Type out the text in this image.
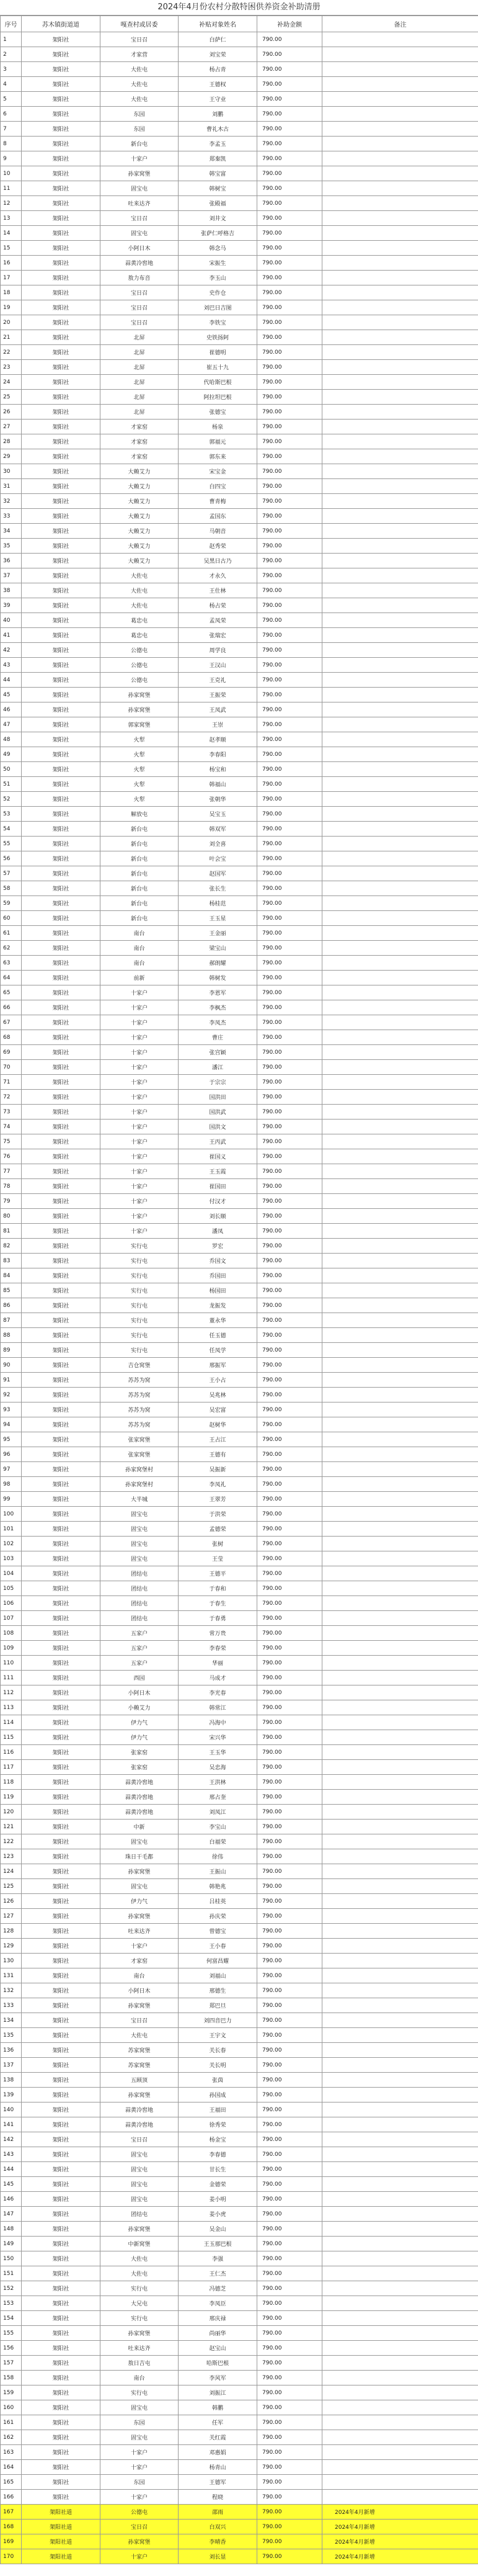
2024年4月份农村分散特困供养资金补助清册
序号	苏木镇街道道	嘎查村或居委	补贴对象姓名	补助金额	备注
1	架阳社	宝日召	白萨仁	790.00	
2	架阳社	才家营	刘宝荣	790.00	
3	架阳社	大佐屯	杨占青	790.00	
4	架阳社	大佐屯	王德权	790.00	
5	架阳社	大佐屯	王守业	790.00	
6	架阳社	东园	刘鹏	790.00	
7	架阳社	东园	曹礼木古	790.00	
8	架阳社	新台屯	李孟玉	790.00	
9	架阳社	十家户	郑秦凯	790.00	
10	架阳社	孙家窝堡	韩宝富	790.00	
11	架阳社	固宝屯	韩树宝	790.00	
12	架阳社	吐来达齐	张殿福	790.00	
13	架阳社	宝日召	刘井文	790.00	
14	架阳社	固宝屯	张萨仁呼格吉	790.00	
15	架阳社	小阿日木	韩念马	790.00	
16	架阳社	蒜黄冷窖地	宋振生	790.00	
17	架阳社	敖力布音	李玉山	790.00	
18	架阳社	宝日召	史作仓	790.00	
19	架阳社	宝日召	刘巴日吉图	790.00	
20	架阳社	宝日召	李铁宝	790.00	
21	架阳社	北屏	史铁扬阿	790.00	
22	架阳社	北屏	崔德明	790.00	
23	架阳社	北屏	崔五十九	790.00	
24	架阳社	北屏	代哈斯巴根	790.00	
25	架阳社	北屏	阿拉坦巴根	790.00	
26	架阳社	北屏	张德宝	790.00	
27	架阳社	才家窑	杨泉	790.00	
28	架阳社	才家窑	郭福元	790.00	
29	架阳社	才家窑	郭东来	790.00	
30	架阳社	大赖艾力	宋宝金	790.00	
31	架阳社	大赖艾力	白四宝	790.00	
32	架阳社	大赖艾力	曹青梅	790.00	
33	架阳社	大赖艾力	孟国东	790.00	
34	架阳社	大赖艾力	马朝音	790.00	
35	架阳社	大赖艾力	赵秀荣	790.00	
36	架阳社	大赖艾力	吴黑日古乃	790.00	
37	架阳社	大佐屯	才永久	790.00	
38	架阳社	大佐屯	王仕林	790.00	
39	架阳社	大佐屯	杨占荣	790.00	
40	架阳社	葛忠屯	孟凤荣	790.00	
41	架阳社	葛忠屯	张瑞宏	790.00	
42	架阳社	公德屯	周学良	790.00	
43	架阳社	公德屯	王汉山	790.00	
44	架阳社	公德屯	王克礼	790.00	
45	架阳社	孙家窝堡	王振荣	790.00	
46	架阳社	孙家窝堡	王凤武	790.00	
47	架阳社	郭家窝堡	王崇	790.00	
48	架阳社	火犁	赵孝顺	790.00	
49	架阳社	火犁	李春阳	790.00	
50	架阳社	火犁	杨宝和	790.00	
51	架阳社	火犁	韩福山	790.00	
52	架阳社	火犁	张朝华	790.00	
53	架阳社	解放屯	吴宝玉	790.00	
54	架阳社	新台屯	韩双军	790.00	
55	架阳社	新台屯	刘全喜	790.00	
56	架阳社	新台屯	叶会宝	790.00	
57	架阳社	新台屯	赵国军	790.00	
58	架阳社	新台屯	张长生	790.00	
59	架阳社	新台屯	杨桂范	790.00	
60	架阳社	新台屯	王玉星	790.00	
61	架阳社	南台	王金丽	790.00	
62	架阳社	南台	梁宝山	790.00	
63	架阳社	南台	郝朗耀	790.00	
64	架阳社	前新	韩树发	790.00	
65	架阳社	十家户	李恩军	790.00	
66	架阳社	十家户	李枫杰	790.00	
67	架阳社	十家户	李凤杰	790.00	
68	架阳社	十家户	曹庄	790.00	
69	架阳社	十家户	张宫颖	790.00	
70	架阳社	十家户	潘江	790.00	
71	架阳社	十家户	于宗宗	790.00	
72	架阳社	十家户	国洪田	790.00	
73	架阳社	十家户	国洪武	790.00	
74	架阳社	十家户	国洪文	790.00	
75	架阳社	十家户	王丙武	790.00	
76	架阳社	十家户	崔国义	790.00	
77	架阳社	十家户	王玉霞	790.00	
78	架阳社	十家户	崔国田	790.00	
79	架阳社	十家户	付汉才	790.00	
80	架阳社	十家户	刘长顺	790.00	
81	架阳社	十家户	潘凤	790.00	
82	架阳社	实行屯	罗宏	790.00	
83	架阳社	实行屯	乔国文	790.00	
84	架阳社	实行屯	乔国田	790.00	
85	架阳社	实行屯	杨国田	790.00	
86	架阳社	实行屯	龙振发	790.00	
87	架阳社	实行屯	董永华	790.00	
88	架阳社	实行屯	任玉德	790.00	
89	架阳社	实行屯	任凤学	790.00	
90	架阳社	吉仓窝堡	邢振军	790.00	
91	架阳社	苏苏为窝	王小占	790.00	
92	架阳社	苏苏为窝	吴兆林	790.00	
93	架阳社	苏苏为窝	吴宏富	790.00	
94	架阳社	苏苏为窝	赵树华	790.00	
95	架阳社	张家窝堡	王占江	790.00	
96	架阳社	张家窝堡	王德有	790.00	
97	架阳社	孙家窝堡村	吴振新	790.00	
98	架阳社	孙家窝堡村	李凤礼	790.00	
99	架阳社	大半城	王翠芳	790.00	
100	架阳社	固宝屯	于洪荣	790.00	
101	架阳社	固宝屯	孟德荣	790.00	
102	架阳社	固宝屯	张树	790.00	
103	架阳社	固宝屯	王莹	790.00	
104	架阳社	团结屯	王德平	790.00	
105	架阳社	团结屯	于春和	790.00	
106	架阳社	团结屯	于春生	790.00	
107	架阳社	团结屯	于春勇	790.00	
108	架阳社	五家户	常万贵	790.00	
109	架阳社	五家户	李春荣	790.00	
110	架阳社	五家户	华丽	790.00	
111	架阳社	西园	马成才	790.00	
112	架阳社	小阿日木	李光春	790.00	
113	架阳社	小赖艾力	韩常江	790.00	
114	架阳社	伊力气	冯海中	790.00	
115	架阳社	伊力气	宋兴华	790.00	
116	架阳社	张家窑	王玉华	790.00	
117	架阳社	张家窑	吴忠海	790.00	
118	架阳社	蒜黄冷窖地	王洪林	790.00	
119	架阳社	蒜黄冷窖地	邢占奎	790.00	
120	架阳社	蒜黄冷窖地	刘凤江	790.00	
121	架阳社	中新	李宝山	790.00	
122	架阳社	固宝屯	白福荣	790.00	
123	架阳社	珠日干毛都	徐伟	790.00	
124	架阳社	孙家窝堡	王振山	790.00	
125	架阳社	固宝屯	韩艳兆	790.00	
126	架阳社	伊力气	吕桂英	790.00	
127	架阳社	孙家窝堡	孙庆荣	790.00	
128	架阳社	吐来达齐	曾德宝	790.00	
129	架阳社	十家户	王小春	790.00	
130	架阳社	才家窑	何富昌耀	790.00	
131	架阳社	南台	刘福山	790.00	
132	架阳社	小阿日木	邢德生	790.00	
133	架阳社	孙家窝堡	郑巴旦	790.00	
134	架阳社	宝日召	刘四音巴力	790.00	
135	架阳社	大佐屯	王宇文	790.00	
136	架阳社	苏家窝堡	关长春	790.00	
137	架阳社	苏家窝堡	关长明	790.00	
138	架阳社	五顾顶	张茵	790.00	
139	架阳社	孙家窝堡	孙国成	790.00	
140	架阳社	蒜黄冷窖地	王福田	790.00	
141	架阳社	蒜黄冷窖地	徐秀荣	790.00	
142	架阳社	宝日召	杨金宝	790.00	
143	架阳社	固宝屯	李春德	790.00	
144	架阳社	固宝屯	甘长生	790.00	
145	架阳社	固宝屯	金德荣	790.00	
146	架阳社	固宝屯	姜小明	790.00	
147	架阳社	团结屯	姜小虎	790.00	
148	架阳社	孙家窝堡	吴金山	790.00	
149	架阳社	中新窝堡	王玉那巴根	790.00	
150	架阳社	大佐屯	李强	790.00	
151	架阳社	大佐屯	王仁杰	790.00	
152	架阳社	实行屯	冯德芝	790.00	
153	架阳社	大兄屯	李凤臣	790.00	
154	架阳社	实行屯	邢庆禄	790.00	
155	架阳社	孙家窝堡	尚丽华	790.00	
156	架阳社	吐来达齐	赵宝山	790.00	
157	架阳社	敖日吉屯	哈斯巴根	790.00	
158	架阳社	南台	李风军	790.00	
159	架阳社	实行屯	刘振江	790.00	
160	架阳社	固宝屯	韩鹏	790.00	
161	架阳社	东园	任军	790.00	
162	架阳社	固宝屯	关红霞	790.00	
163	架阳社	十家户	邓惠娟	790.00	
164	架阳社	十家户	杨青山	790.00	
165	架阳社	东园	王德军	790.00	
166	架阳社	十家户	程晓	790.00	
167	架阳社道	公德屯	邵雨	790.00	2024年4月新增
168	架阳社道	宝日召	白双兴	790.00	2024年4月新增
169	架阳社道	孙家窝堡	李晴香	790.00	2024年4月新增
170	架阳社道	十家户	刘长显	790.00	2024年4月新增
